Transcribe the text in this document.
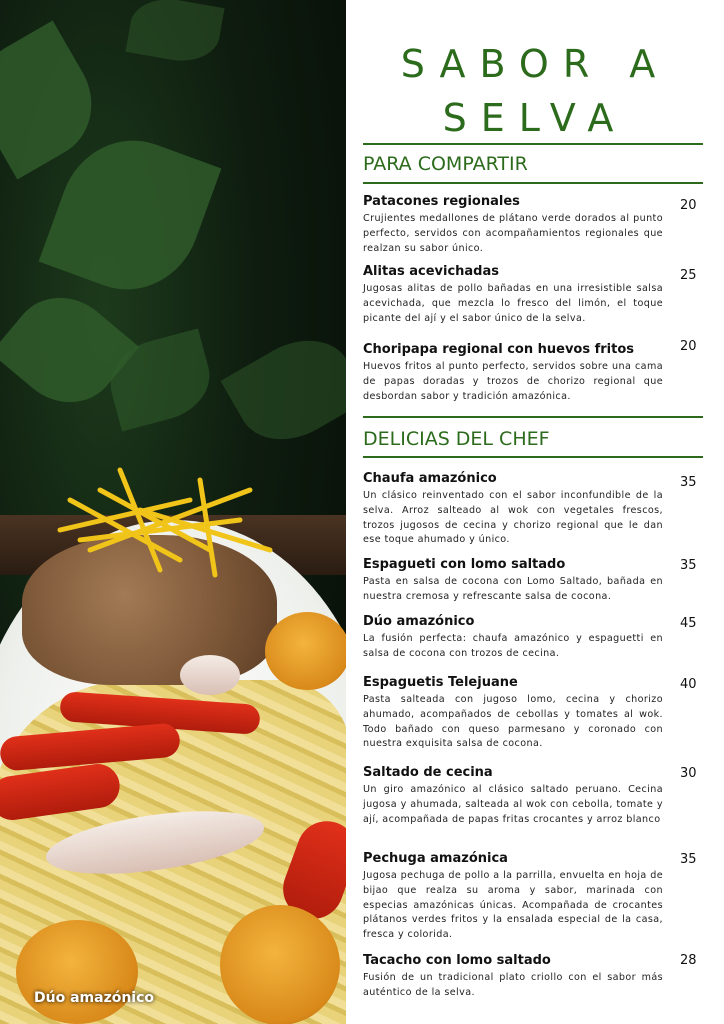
Dúo amazónico
SABOR A
SELVA
PARA COMPARTIR

Patacones regionales

Crujientes medallones de plátano verde dorados al punto perfecto, servidos con acompañamientos regionales que realzan su sabor único.

20

Alitas acevichadas

Jugosas alitas de pollo bañadas en una irresistible salsa acevichada, que mezcla lo fresco del limón, el toque picante del ají y el sabor único de la selva.

25

Choripapa regional con huevos fritos

Huevos fritos al punto perfecto, servidos sobre una cama de papas doradas y trozos de chorizo regional que desbordan sabor y tradición amazónica.

20
DELICIAS DEL CHEF

Chaufa amazónico

Un clásico reinventado con el sabor inconfundible de la selva. Arroz salteado al wok con vegetales frescos, trozos jugosos de cecina y chorizo regional que le dan ese toque ahumado y único.

35

Espagueti con lomo saltado

Pasta en salsa de cocona con Lomo Saltado, bañada en nuestra cremosa y refrescante salsa de cocona.

35

Dúo amazónico

La fusión perfecta: chaufa amazónico y espaguetti en salsa de cocona con trozos de cecina.

45

Espaguetis Telejuane

Pasta salteada con jugoso lomo, cecina y chorizo ahumado, acompañados de cebollas y tomates al wok. Todo bañado con queso parmesano y coronado con nuestra exquisita salsa de cocona.

40

Saltado de cecina

Un giro amazónico al clásico saltado peruano. Cecina jugosa y ahumada, salteada al wok con cebolla, tomate y ají, acompañada de papas fritas crocantes y arroz blanco

30

Pechuga amazónica

Jugosa pechuga de pollo a la parrilla, envuelta en hoja de bijao que realza su aroma y sabor, marinada con especias amazónicas únicas. Acompañada de crocantes plátanos verdes fritos y la ensalada especial de la casa, fresca y colorida.

35

Tacacho con lomo saltado

Fusión de un tradicional plato criollo con el sabor más auténtico de la selva.

28
